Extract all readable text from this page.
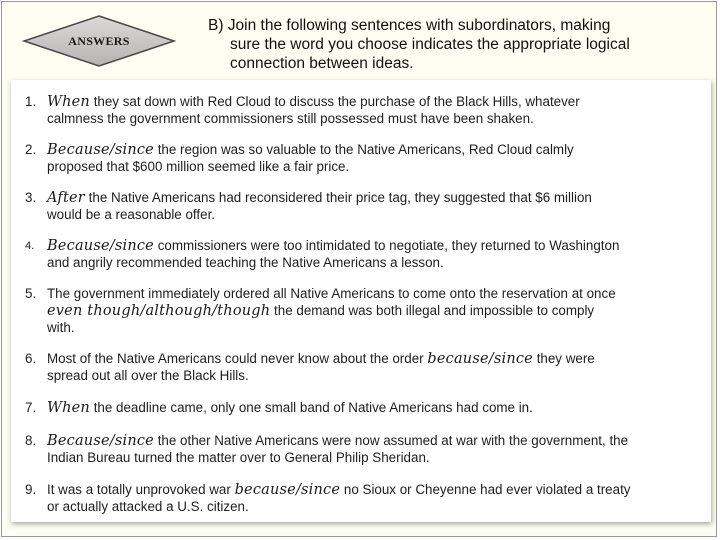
ANSWERS
B) Join the following sentences with subordinators, making
sure the word you choose indicates the appropriate logical
connection between ideas.
1. When they sat down with Red Cloud to discuss the purchase of the Black Hills, whatever
calmness the government commissioners still possessed must have been shaken.
2. Because/since the region was so valuable to the Native Americans, Red Cloud calmly
proposed that $600 million seemed like a fair price.
3. After the Native Americans had reconsidered their price tag, they suggested that $6 million
would be a reasonable offer.
4. Because/since commissioners were too intimidated to negotiate, they returned to Washington
and angrily recommended teaching the Native Americans a lesson.
5. The government immediately ordered all Native Americans to come onto the reservation at once
even though/although/though the demand was both illegal and impossible to comply
with.
6. Most of the Native Americans could never know about the order because/since they were
spread out all over the Black Hills.
7. When the deadline came, only one small band of Native Americans had come in.
8. Because/since the other Native Americans were now assumed at war with the government, the
Indian Bureau turned the matter over to General Philip Sheridan.
9. It was a totally unprovoked war because/since no Sioux or Cheyenne had ever violated a treaty
or actually attacked a U.S. citizen.
